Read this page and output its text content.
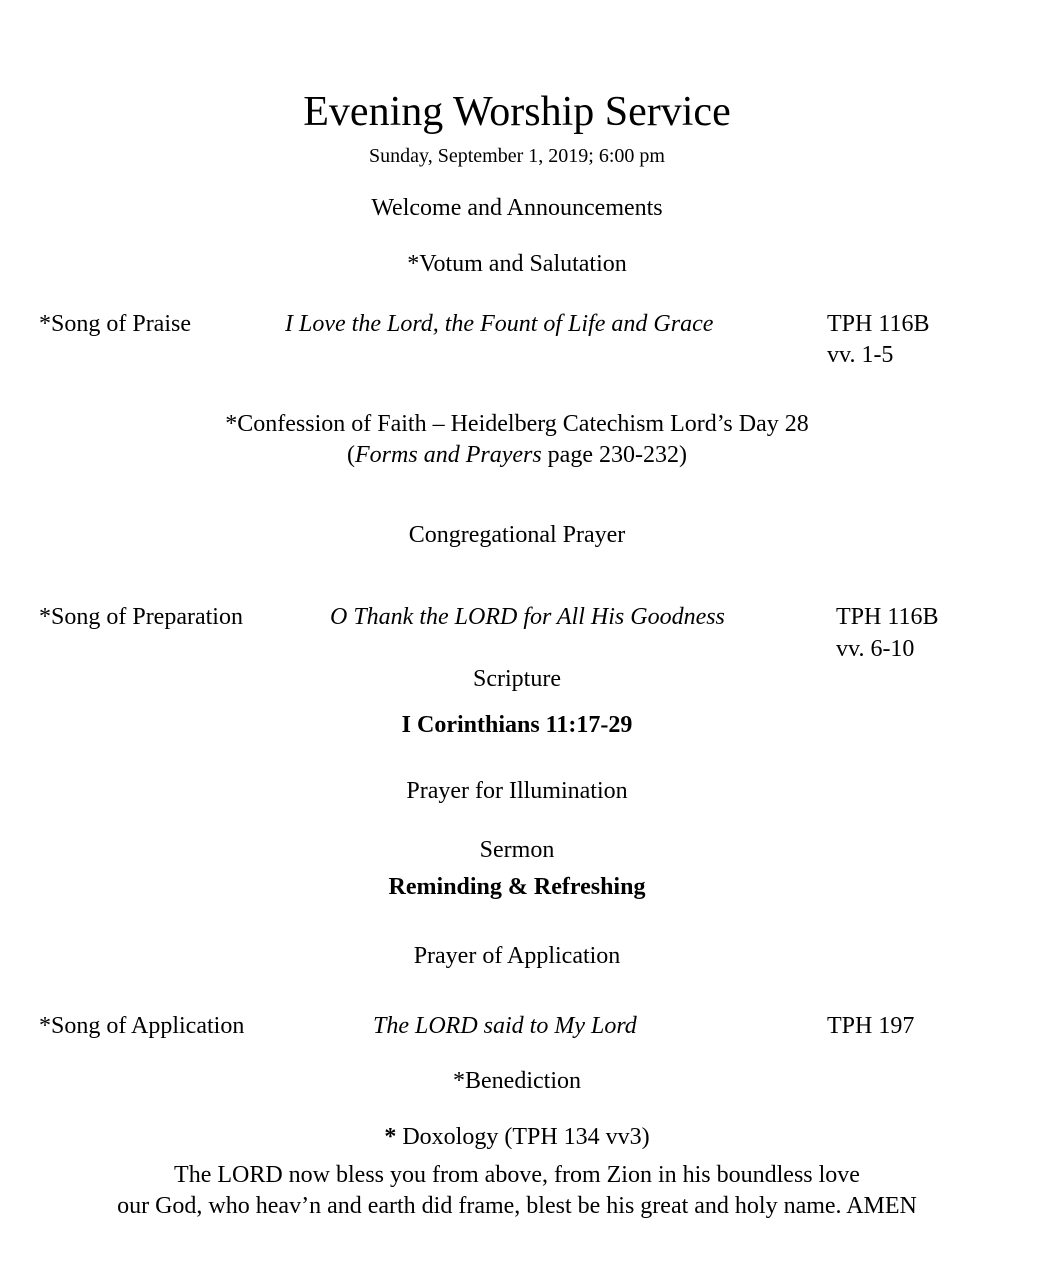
Evening Worship Service
Sunday, September 1, 2019; 6:00 pm
Welcome and Announcements
*Votum and Salutation
*Song of Praise	I Love the Lord, the Fount of Life and Grace	TPH 116B
vv. 1-5
*Confession of Faith – Heidelberg Catechism Lord’s Day 28
(Forms and Prayers page 230-232)
Congregational Prayer
*Song of Preparation	O Thank the LORD for All His Goodness	TPH 116B
vv. 6-10
Scripture
I Corinthians 11:17-29
Prayer for Illumination
Sermon
Reminding & Refreshing
Prayer of Application
*Song of Application	The LORD said to My Lord	TPH 197
*Benediction
* Doxology (TPH 134 vv3)
The LORD now bless you from above, from Zion in his boundless love
our God, who heav’n and earth did frame, blest be his great and holy name. AMEN
